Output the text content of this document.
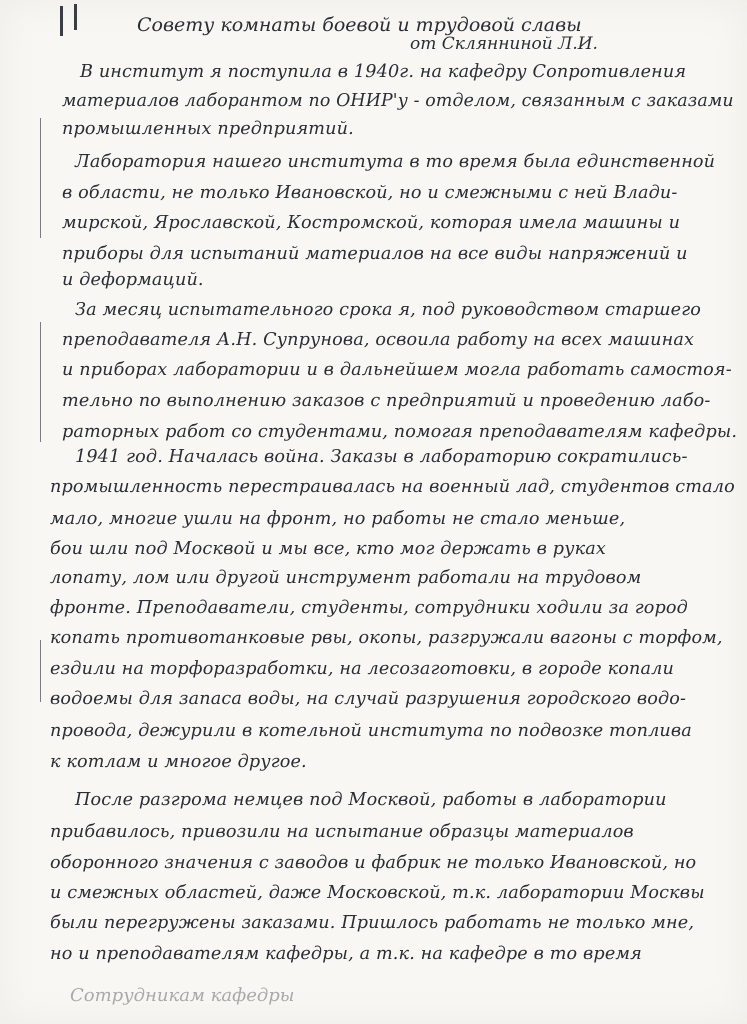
Совету комнаты боевой и трудовой славы
от Склянниной Л.И.
В институт я поступила в 1940г. на кафедру Сопротивления
материалов лаборантом по ОНИР'у - отделом, связанным с заказами
промышленных предприятий.
Лаборатория нашего института в то время была единственной
в области, не только Ивановской, но и смежными с ней Влади-
мирской, Ярославской, Костромской, которая имела машины и
приборы для испытаний материалов на все виды напряжений и
и деформаций.
За месяц испытательного срока я, под руководством старшего
преподавателя А.Н. Супрунова, освоила работу на всех машинах
и приборах лаборатории и в дальнейшем могла работать самостоя-
тельно по выполнению заказов с предприятий и проведению лабо-
раторных работ со студентами, помогая преподавателям кафедры.
1941 год. Началась война. Заказы в лабораторию сократились-
промышленность перестраивалась на военный лад, студентов стало
мало, многие ушли на фронт, но работы не стало меньше,
бои шли под Москвой и мы все, кто мог держать в руках
лопату, лом или другой инструмент работали на трудовом
фронте. Преподаватели, студенты, сотрудники ходили за город
копать противотанковые рвы, окопы, разгружали вагоны с торфом,
ездили на торфоразработки, на лесозаготовки, в городе копали
водоемы для запаса воды, на случай разрушения городского водо-
провода, дежурили в котельной института по подвозке топлива
к котлам и многое другое.
После разгрома немцев под Москвой, работы в лаборатории
прибавилось, привозили на испытание образцы материалов
оборонного значения с заводов и фабрик не только Ивановской, но
и смежных областей, даже Московской, т.к. лаборатории Москвы
были перегружены заказами. Пришлось работать не только мне,
но и преподавателям кафедры, а т.к. на кафедре в то время
Сотрудникам кафедры
